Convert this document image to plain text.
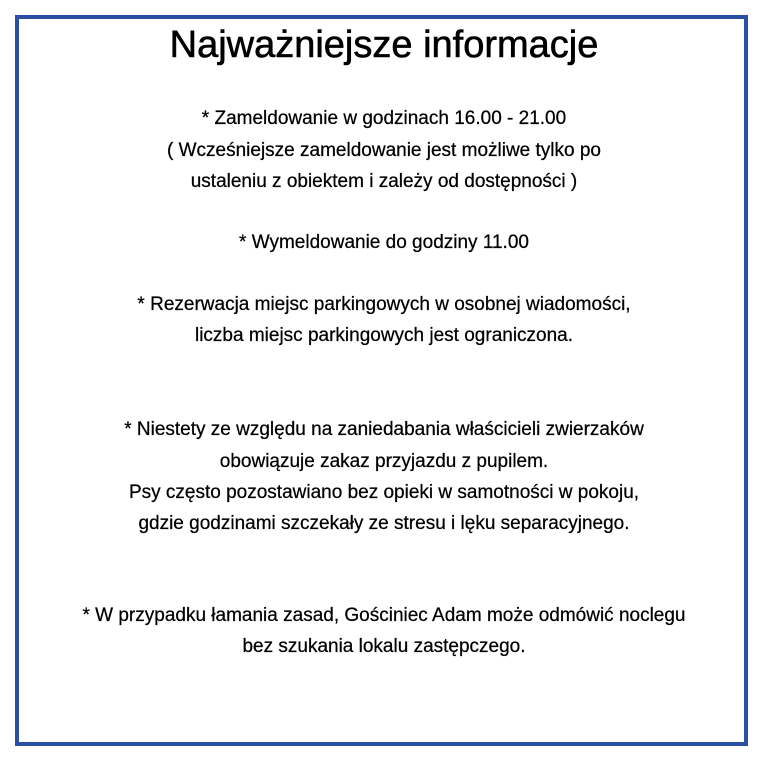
Najważniejsze informacje
* Zameldowanie w godzinach 16.00 - 21.00
( Wcześniejsze zameldowanie jest możliwe tylko po
ustaleniu z obiektem i zależy od dostępności )
* Wymeldowanie do godziny 11.00
* Rezerwacja miejsc parkingowych w osobnej wiadomości,
liczba miejsc parkingowych jest ograniczona.
* Niestety ze względu na zaniedabania właścicieli zwierzaków
obowiązuje zakaz przyjazdu z pupilem.
Psy często pozostawiano bez opieki w samotności w pokoju,
gdzie godzinami szczekały ze stresu i lęku separacyjnego.
* W przypadku łamania zasad, Gościniec Adam może odmówić noclegu
bez szukania lokalu zastępczego.
